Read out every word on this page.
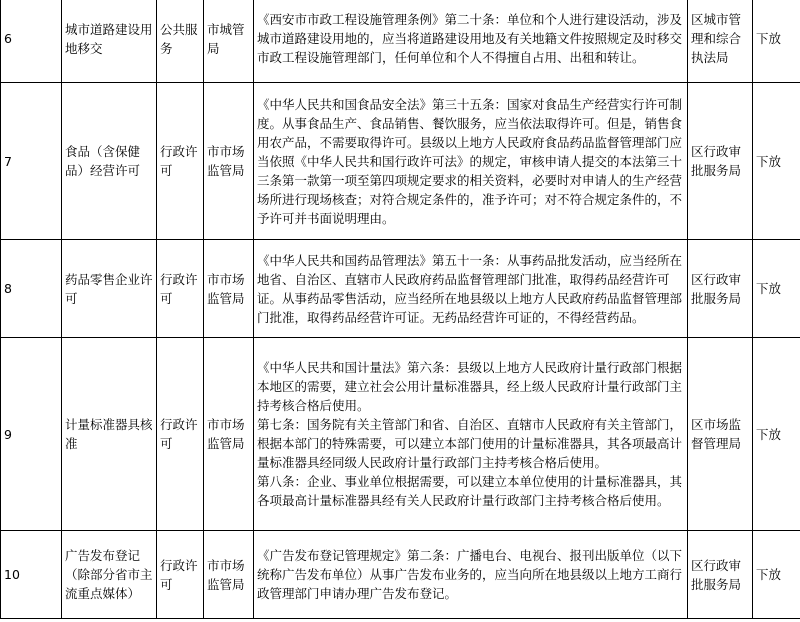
6	城市道路建设用地移交	公共服务	市城管局	《西安市市政工程设施管理条例》第二十条：单位和个人进行建设活动，涉及城市道路建设用地的，应当将道路建设用地及有关地籍文件按照规定及时移交市政工程设施管理部门，任何单位和个人不得擅自占用、出租和转让。	区城市管理和综合执法局	下放
7	食品（含保健品）经营许可	行政许可	市市场监管局	《中华人民共和国食品安全法》第三十五条：国家对食品生产经营实行许可制度。从事食品生产、食品销售、餐饮服务，应当依法取得许可。但是，销售食用农产品，不需要取得许可。县级以上地方人民政府食品药品监督管理部门应当依照《中华人民共和国行政许可法》的规定，审核申请人提交的本法第三十三条第一款第一项至第四项规定要求的相关资料，必要时对申请人的生产经营场所进行现场核查；对符合规定条件的，准予许可；对不符合规定条件的，不予许可并书面说明理由。	区行政审批服务局	下放
8	药品零售企业许可	行政许可	市市场监管局	《中华人民共和国药品管理法》第五十一条：从事药品批发活动，应当经所在地省、自治区、直辖市人民政府药品监督管理部门批准，取得药品经营许可证。从事药品零售活动，应当经所在地县级以上地方人民政府药品监督管理部门批准，取得药品经营许可证。无药品经营许可证的，不得经营药品。	区行政审批服务局	下放
9	计量标准器具核准	行政许可	市市场监管局	《中华人民共和国计量法》第六条：县级以上地方人民政府计量行政部门根据本地区的需要，建立社会公用计量标准器具，经上级人民政府计量行政部门主持考核合格后使用。
第七条：国务院有关主管部门和省、自治区、直辖市人民政府有关主管部门，根据本部门的特殊需要，可以建立本部门使用的计量标准器具，其各项最高计量标准器具经同级人民政府计量行政部门主持考核合格后使用。
第八条：企业、事业单位根据需要，可以建立本单位使用的计量标准器具，其各项最高计量标准器具经有关人民政府计量行政部门主持考核合格后使用。	区市场监督管理局	下放
10	广告发布登记（除部分省市主流重点媒体）	行政许可	市市场监管局	《广告发布登记管理规定》第二条：广播电台、电视台、报刊出版单位（以下统称广告发布单位）从事广告发布业务的，应当向所在地县级以上地方工商行政管理部门申请办理广告发布登记。	区行政审批服务局	下放
